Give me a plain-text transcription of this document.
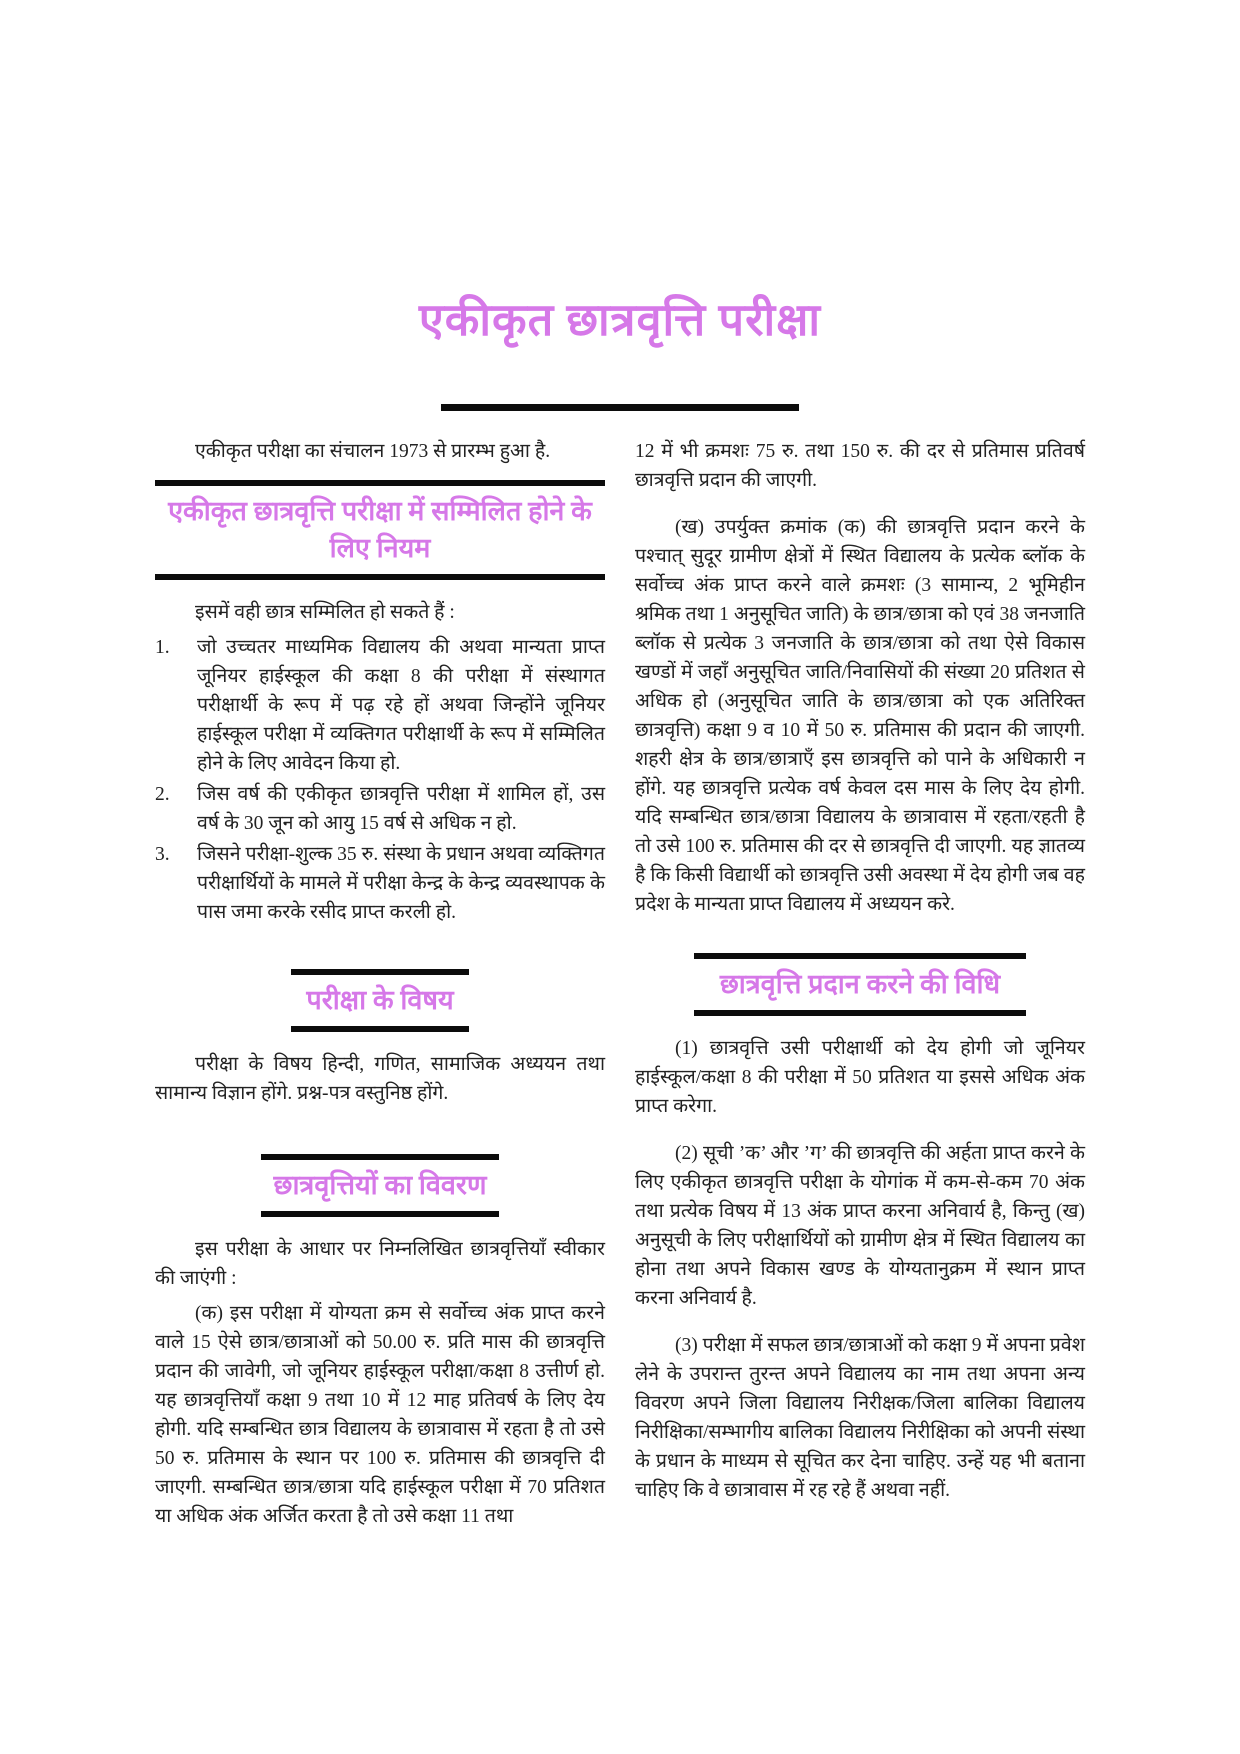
एकीकृत छात्रवृत्ति परीक्षा

एकीकृत परीक्षा का संचालन 1973 से प्रारम्भ हुआ है.

एकीकृत छात्रवृत्ति परीक्षा में सम्मिलित होने के लिए नियम

इसमें वही छात्र सम्मिलित हो सकते हैं :

1.	जो उच्चतर माध्यमिक विद्यालय की अथवा मान्यता प्राप्त जूनियर हाईस्कूल की कक्षा 8 की परीक्षा में संस्थागत परीक्षार्थी के रूप में पढ़ रहे हों अथवा जिन्होंने जूनियर हाईस्कूल परीक्षा में व्यक्तिगत परीक्षार्थी के रूप में सम्मिलित होने के लिए आवेदन किया हो.
2.	जिस वर्ष की एकीकृत छात्रवृत्ति परीक्षा में शामिल हों, उस वर्ष के 30 जून को आयु 15 वर्ष से अधिक न हो.
3.	जिसने परीक्षा-शुल्क 35 रु. संस्था के प्रधान अथवा व्यक्तिगत परीक्षार्थियों के मामले में परीक्षा केन्द्र के केन्द्र व्यवस्थापक के पास जमा करके रसीद प्राप्त करली हो.
परीक्षा के विषय

परीक्षा के विषय हिन्दी, गणित, सामाजिक अध्ययन तथा सामान्य विज्ञान होंगे. प्रश्न-पत्र वस्तुनिष्ठ होंगे.

छात्रवृत्तियों का विवरण

इस परीक्षा के आधार पर निम्नलिखित छात्रवृत्तियाँ स्वीकार की जाएंगी :

(क) इस परीक्षा में योग्यता क्रम से सर्वोच्च अंक प्राप्त करने वाले 15 ऐसे छात्र/छात्राओं को 50.00 रु. प्रति मास की छात्रवृत्ति प्रदान की जावेगी, जो जूनियर हाईस्कूल परीक्षा/कक्षा 8 उत्तीर्ण हो. यह छात्रवृत्तियाँ कक्षा 9 तथा 10 में 12 माह प्रतिवर्ष के लिए देय होगी. यदि सम्बन्धित छात्र विद्यालय के छात्रावास में रहता है तो उसे 50 रु. प्रतिमास के स्थान पर 100 रु. प्रतिमास की छात्रवृत्ति दी जाएगी. सम्बन्धित छात्र/छात्रा यदि हाईस्कूल परीक्षा में 70 प्रतिशत या अधिक अंक अर्जित करता है तो उसे कक्षा 11 तथा

12 में भी क्रमशः 75 रु. तथा 150 रु. की दर से प्रतिमास प्रतिवर्ष छात्रवृत्ति प्रदान की जाएगी.

(ख) उपर्युक्त क्रमांक (क) की छात्रवृत्ति प्रदान करने के पश्चात् सुदूर ग्रामीण क्षेत्रों में स्थित विद्यालय के प्रत्येक ब्लॉक के सर्वोच्च अंक प्राप्त करने वाले क्रमशः (3 सामान्य, 2 भूमिहीन श्रमिक तथा 1 अनुसूचित जाति) के छात्र/छात्रा को एवं 38 जनजाति ब्लॉक से प्रत्येक 3 जनजाति के छात्र/छात्रा को तथा ऐसे विकास खण्डों में जहाँ अनुसूचित जाति/निवासियों की संख्या 20 प्रतिशत से अधिक हो (अनुसूचित जाति के छात्र/छात्रा को एक अतिरिक्त छात्रवृत्ति) कक्षा 9 व 10 में 50 रु. प्रतिमास की प्रदान की जाएगी. शहरी क्षेत्र के छात्र/छात्राएँ इस छात्रवृत्ति को पाने के अधिकारी न होंगे. यह छात्रवृत्ति प्रत्येक वर्ष केवल दस मास के लिए देय होगी. यदि सम्बन्धित छात्र/छात्रा विद्यालय के छात्रावास में रहता/रहती है तो उसे 100 रु. प्रतिमास की दर से छात्रवृत्ति दी जाएगी. यह ज्ञातव्य है कि किसी विद्यार्थी को छात्रवृत्ति उसी अवस्था में देय होगी जब वह प्रदेश के मान्यता प्राप्त विद्यालय में अध्ययन करे.

छात्रवृत्ति प्रदान करने की विधि

(1) छात्रवृत्ति उसी परीक्षार्थी को देय होगी जो जूनियर हाईस्कूल/कक्षा 8 की परीक्षा में 50 प्रतिशत या इससे अधिक अंक प्राप्त करेगा.

(2) सूची ’क’ और ’ग’ की छात्रवृत्ति की अर्हता प्राप्त करने के लिए एकीकृत छात्रवृत्ति परीक्षा के योगांक में कम-से-कम 70 अंक तथा प्रत्येक विषय में 13 अंक प्राप्त करना अनिवार्य है, किन्तु (ख) अनुसूची के लिए परीक्षार्थियों को ग्रामीण क्षेत्र में स्थित विद्यालय का होना तथा अपने विकास खण्ड के योग्यतानुक्रम में स्थान प्राप्त करना अनिवार्य है.

(3) परीक्षा में सफल छात्र/छात्राओं को कक्षा 9 में अपना प्रवेश लेने के उपरान्त तुरन्त अपने विद्यालय का नाम तथा अपना अन्य विवरण अपने जिला विद्यालय निरीक्षक/जिला बालिका विद्यालय निरीक्षिका/सम्भागीय बालिका विद्यालय निरीक्षिका को अपनी संस्था के प्रधान के माध्यम से सूचित कर देना चाहिए. उन्हें यह भी बताना चाहिए कि वे छात्रावास में रह रहे हैं अथवा नहीं.
